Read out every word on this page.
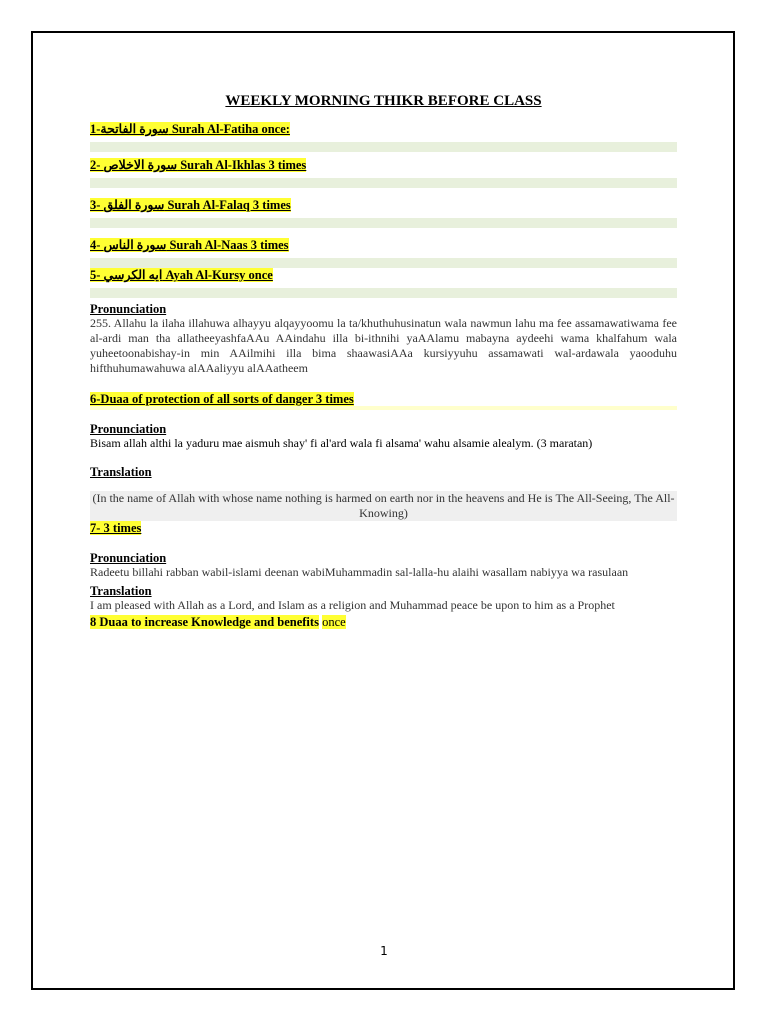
WEEKLY MORNING THIKR BEFORE CLASS
1-سورة الفاتحة Surah Al-Fatiha once:
2- سورة الاخلاص Surah Al-Ikhlas 3 times
3- سورة الفلق Surah Al-Falaq 3 times
4- سورة الناس Surah Al-Naas 3 times
5- ايه الكرسي Ayah Al-Kursy once
Pronunciation
255. Allahu la ilaha illahuwa alhayyu alqayyoomu la ta/khuthuhusinatun wala nawmun lahu ma fee assamawatiwama fee al-ardi man tha allatheeyashfaAAu AAindahu illa bi-ithnihi yaAAlamu mabayna aydeehi wama khalfahum wala yuheetoonabishay-in min AAilmihi illa bima shaawasiAAa kursiyyuhu assamawati wal-ardawala yaooduhu hifthuhumawahuwa alAAaliyyu alAAatheem
6-Duaa of protection of all sorts of danger 3 times
Pronunciation
Bisam allah althi la yaduru mae aismuh shay' fi al'ard wala fi alsama' wahu alsamie alealym. (3 maratan)
Translation
(In the name of Allah with whose name nothing is harmed on earth nor in the heavens and He is The All-Seeing, The All-Knowing)
7- 3 times
Pronunciation
Radeetu billahi rabban wabil-islami deenan wabiMuhammadin sal-lalla-hu alaihi wasallam nabiyya wa rasulaan
Translation
I am pleased with Allah as a Lord, and Islam as a religion and Muhammad peace be upon to him as a Prophet
8 Duaa to increase Knowledge and benefits once
1
